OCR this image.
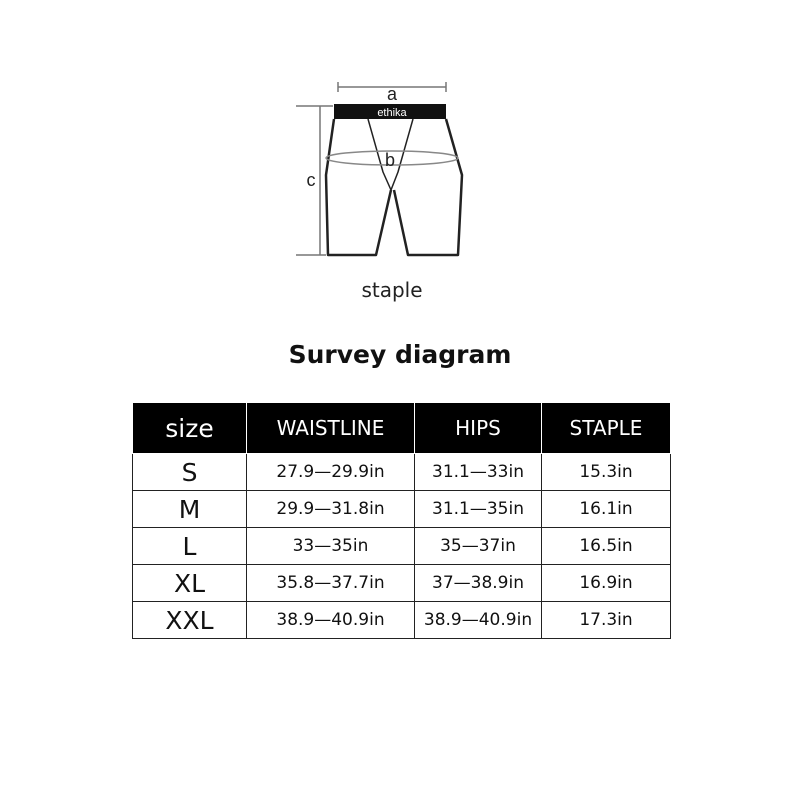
a
ethika
b
c
staple
Survey diagram
size	WAISTLINE	HIPS	STAPLE
S	27.9—29.9in	31.1—33in	15.3in
M	29.9—31.8in	31.1—35in	16.1in
L	33—35in	35—37in	16.5in
XL	35.8—37.7in	37—38.9in	16.9in
XXL	38.9—40.9in	38.9—40.9in	17.3in
